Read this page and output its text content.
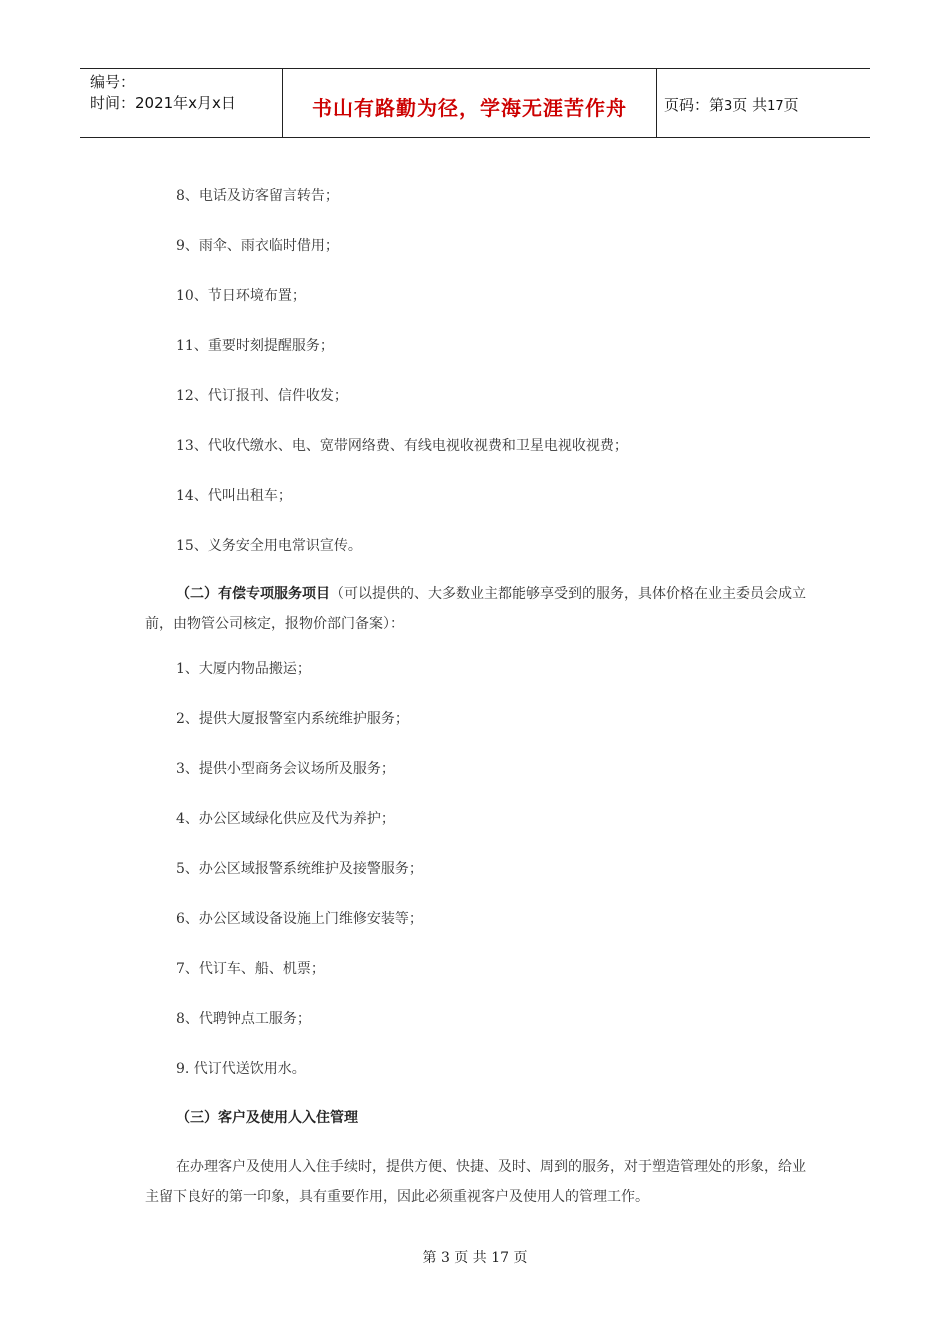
编号：
时间：2021年x月x日	书山有路勤为径，学海无涯苦作舟	页码：第3页 共17页
8、电话及访客留言转告；
9、雨伞、雨衣临时借用；
10、节日环境布置；
11、重要时刻提醒服务；
12、代订报刊、信件收发；
13、代收代缴水、电、宽带网络费、有线电视收视费和卫星电视收视费；
14、代叫出租车；
15、义务安全用电常识宣传。
（二）有偿专项服务项目（可以提供的、大多数业主都能够享受到的服务，具体价格在业主委员会成立前，由物管公司核定，报物价部门备案）：
1、大厦内物品搬运；
2、提供大厦报警室内系统维护服务；
3、提供小型商务会议场所及服务；
4、办公区域绿化供应及代为养护；
5、办公区域报警系统维护及接警服务；
6、办公区域设备设施上门维修安装等；
7、代订车、船、机票；
8、代聘钟点工服务；
9. 代订代送饮用水。
（三）客户及使用人入住管理
在办理客户及使用人入住手续时，提供方便、快捷、及时、周到的服务，对于塑造管理处的形象，给业主留下良好的第一印象，具有重要作用，因此必须重视客户及使用人的管理工作。
第 3 页 共 17 页
